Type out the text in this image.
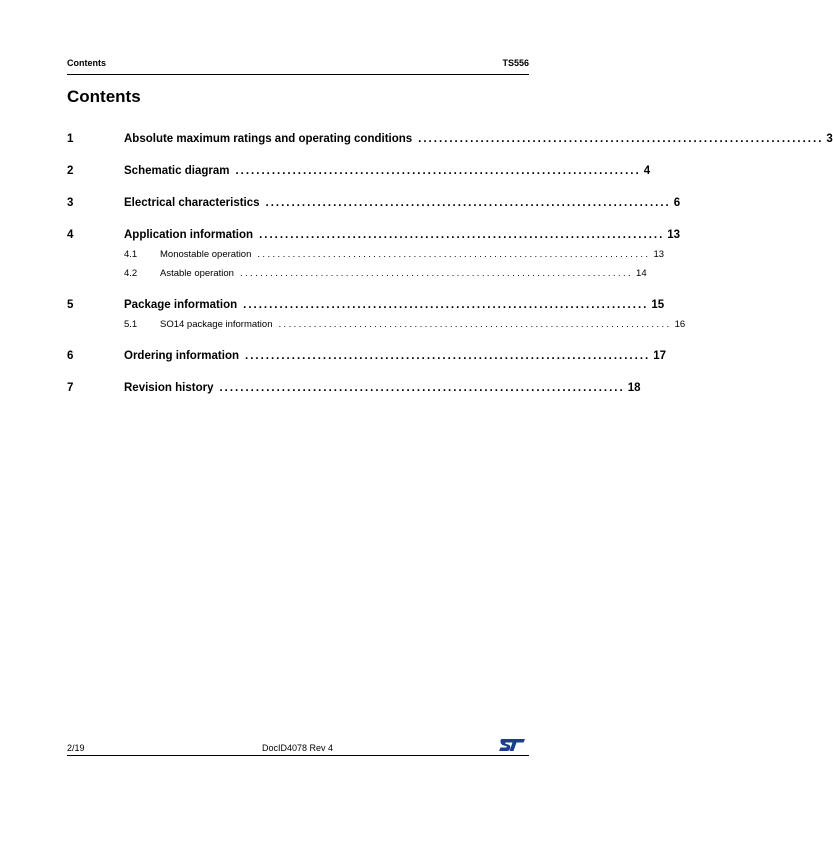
Contents	TS556
Contents
1	Absolute maximum ratings and operating conditions .............................................................................. 3
2	Schematic diagram .............................................................................. 4
3	Electrical characteristics .............................................................................. 6
4	Application information .............................................................................. 13
4.1	Monostable operation .............................................................................. 13
4.2	Astable operation .............................................................................. 14
5	Package information .............................................................................. 15
5.1	SO14 package information .............................................................................. 16
6	Ordering information .............................................................................. 17
7	Revision history .............................................................................. 18
2/19	DocID4078 Rev 4
